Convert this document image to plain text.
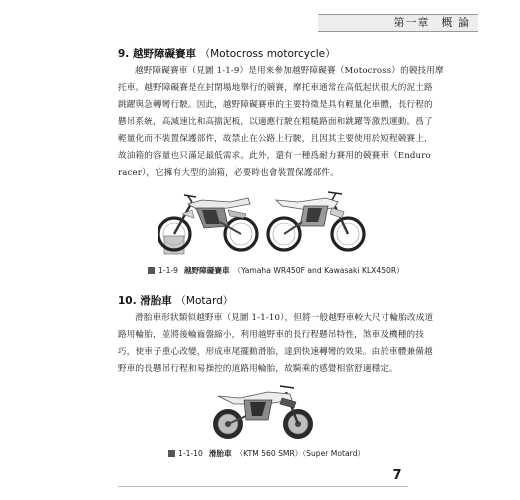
第一章　概 論
9. 越野障礙賽車 （Motocross motorcycle）
越野障礙賽車（見圖 1-1-9）是用來參加越野障礙賽（Motocross）的競技用摩
托車。越野障礙賽是在封閉場地舉行的競賽，摩托車通常在高低起伏很大的泥土路
跳躍與急轉彎行駛。因此，越野障礙賽車的主要特徵是具有輕量化車體，長行程的
懸吊系統，高減速比和高擋泥板，以適應行駛在粗糙路面和跳躍等激烈運動。爲了
輕量化而不裝置保護部件，故禁止在公路上行駛，且因其主要使用於短程競賽上，
故油箱的容量也只滿足最低需求。此外，還有一種爲耐力賽用的競賽車（Enduro
racer），它擁有大型的油箱，必要時也會裝置保護部件。
1-1-9 越野障礙賽車 （Yamaha WR450F and Kawasaki KLX450R）
10. 滑胎車 （Motard）
滑胎車形狀類似越野車（見圖 1-1-10），但將一般越野車較大尺寸輪胎改成道
路用輪胎，並將後輪齒盤縮小，利用越野車的長行程懸吊特性，煞車及機種的技
巧，使車子重心改變，形成車尾擺動滑胎，達到快速轉彎的效果。由於車體兼備越
野車的長懸吊行程和易操控的道路用輪胎，故騎乘的感覺相當舒適穩定。
1-1-10 滑胎車 （KTM 560 SMR）（Super Motard）
7
